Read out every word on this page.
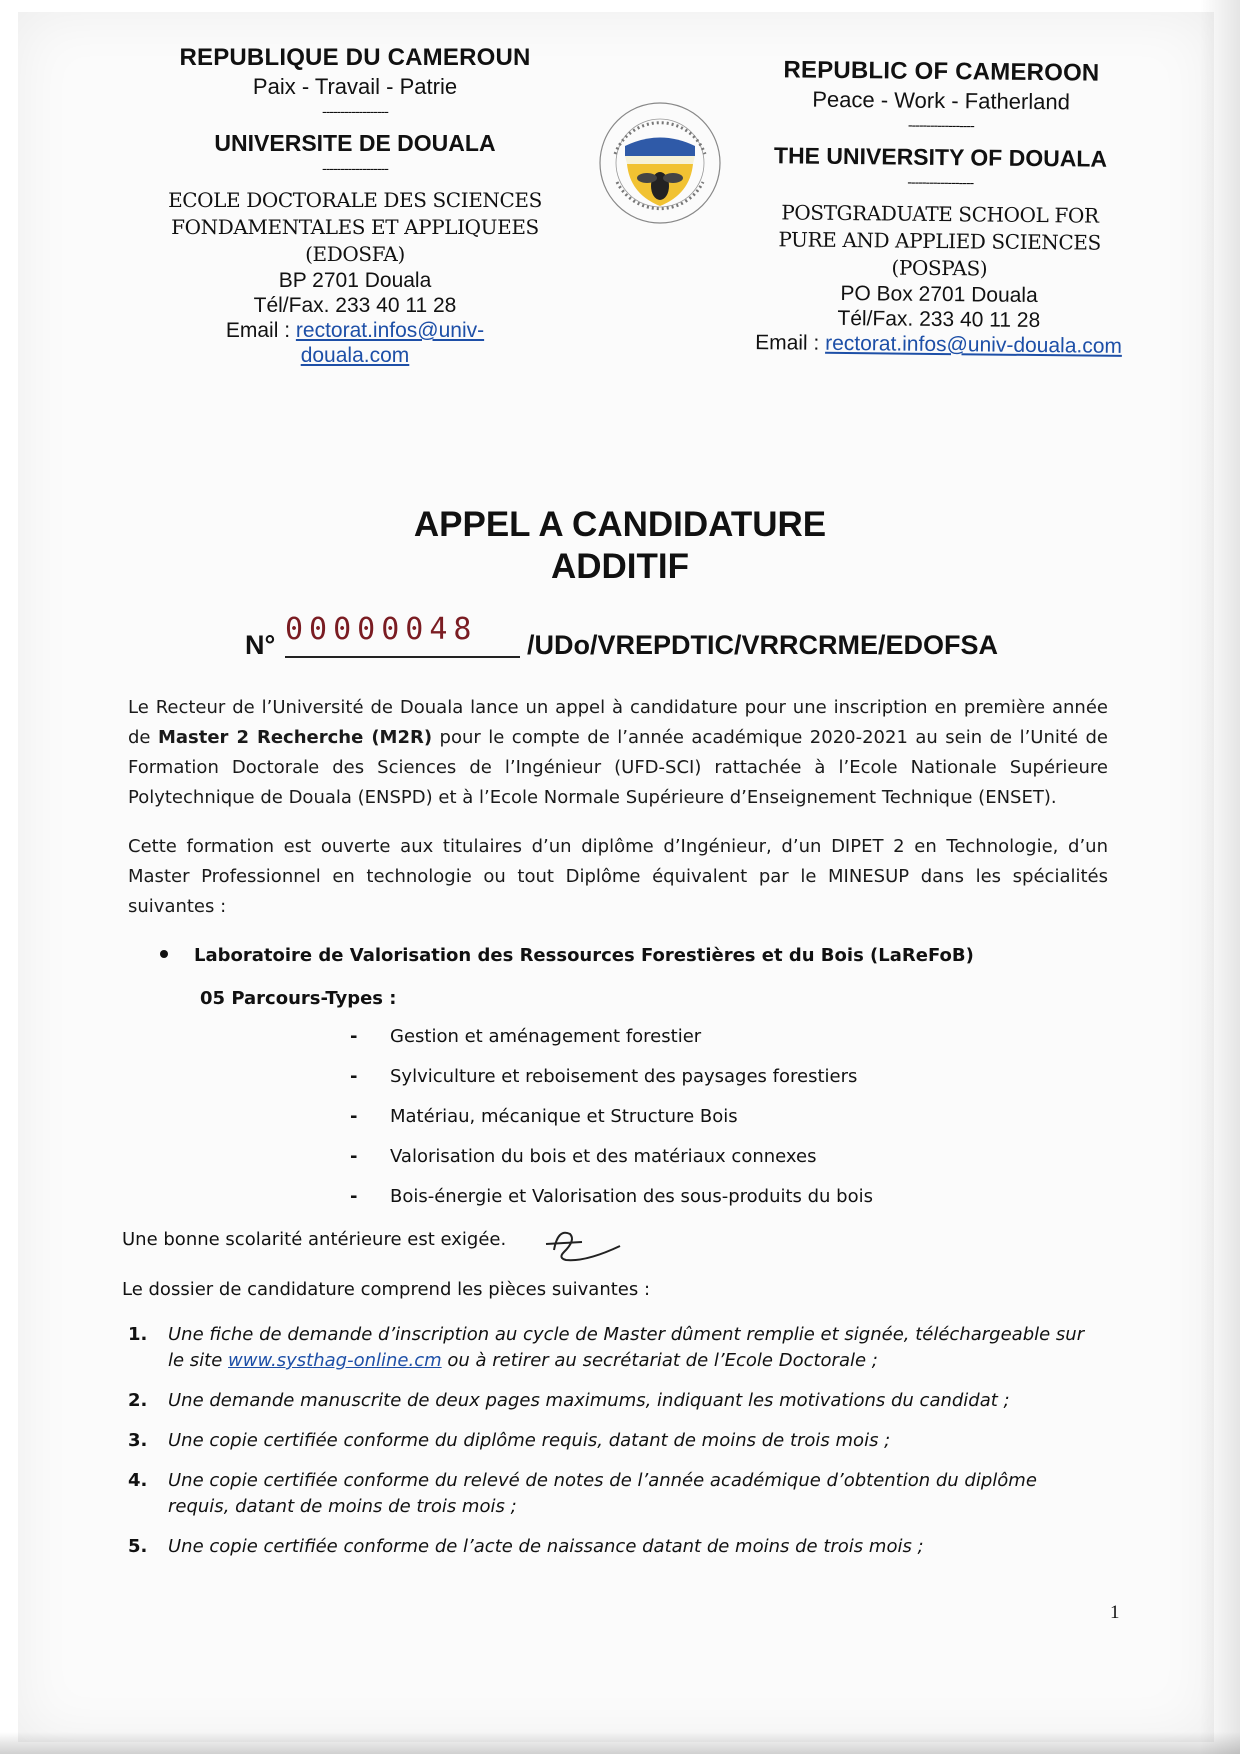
REPUBLIQUE DU CAMEROUN
Paix - Travail - Patrie
------------------
UNIVERSITE DE DOUALA
------------------
ECOLE DOCTORALE DES SCIENCES
FONDAMENTALES ET APPLIQUEES
(EDOSFA)
BP 2701 Douala
Tél/Fax. 233 40 11 28
Email : rectorat.infos@univ-
douala.com
REPUBLIC OF CAMEROON
Peace - Work - Fatherland
------------------
THE UNIVERSITY OF DOUALA
------------------
POSTGRADUATE SCHOOL FOR
PURE AND APPLIED SCIENCES
(POSPAS)
PO Box 2701 Douala
Tél/Fax. 233 40 11 28
Email : rectorat.infos@univ-douala.com
APPEL A CANDIDATURE
ADDITIF
N° 00000048	/UDo/VREPDTIC/VRRCRME/EDOFSA
Le Recteur de l’Université de Douala lance un appel à candidature pour une inscription en première année de Master 2 Recherche (M2R) pour le compte de l’année académique 2020-2021 au sein de l’Unité de Formation Doctorale des Sciences de l’Ingénieur (UFD-SCI) rattachée à l’Ecole Nationale Supérieure Polytechnique de Douala (ENSPD) et à l’Ecole Normale Supérieure d’Enseignement Technique (ENSET).
Cette formation est ouverte aux titulaires d’un diplôme d’Ingénieur, d’un DIPET 2 en Technologie, d’un Master Professionnel en technologie ou tout Diplôme équivalent par le MINESUP dans les spécialités suivantes :
Laboratoire de Valorisation des Ressources Forestières et du Bois (LaReFoB)
05 Parcours-Types :
- Gestion et aménagement forestier
- Sylviculture et reboisement des paysages forestiers
- Matériau, mécanique et Structure Bois
- Valorisation du bois et des matériaux connexes
- Bois-énergie et Valorisation des sous-produits du bois
Une bonne scolarité antérieure est exigée.
Le dossier de candidature comprend les pièces suivantes :
1. Une fiche de demande d’inscription au cycle de Master dûment remplie et signée, téléchargeable sur le site www.systhag-online.cm ou à retirer au secrétariat de l’Ecole Doctorale ;
2. Une demande manuscrite de deux pages maximums, indiquant les motivations du candidat ;
3. Une copie certifiée conforme du diplôme requis, datant de moins de trois mois ;
4. Une copie certifiée conforme du relevé de notes de l’année académique d’obtention du diplôme requis, datant de moins de trois mois ;
5. Une copie certifiée conforme de l’acte de naissance datant de moins de trois mois ;
1
